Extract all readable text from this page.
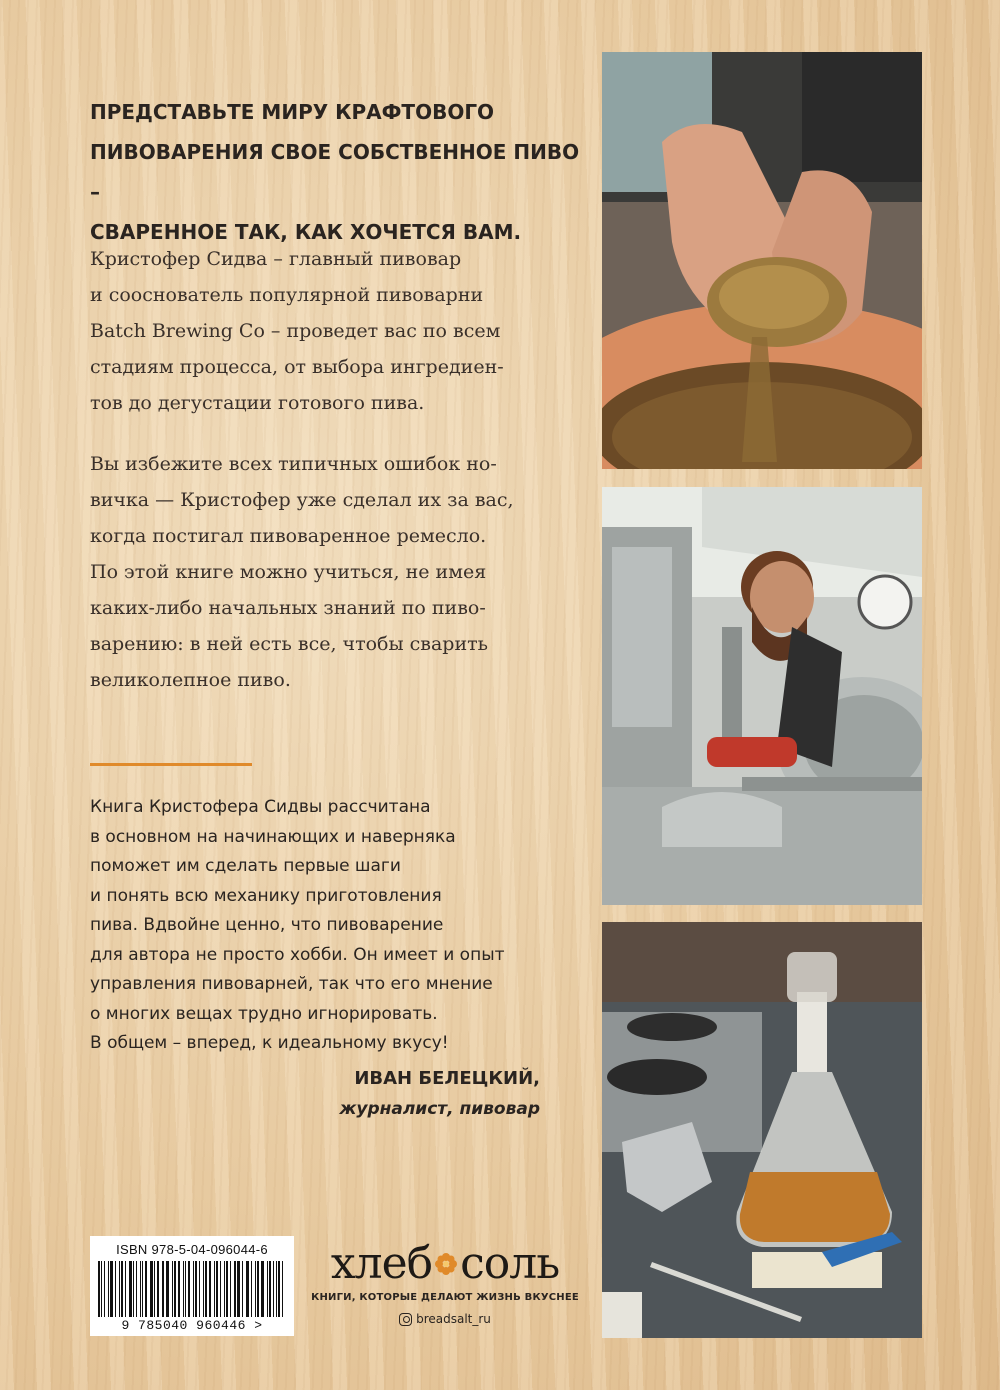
ПРЕДСТАВЬТЕ МИРУ КРАФТОВОГО
ПИВОВАРЕНИЯ СВОЕ СОБСТВЕННОЕ ПИВО –
СВАРЕННОЕ ТАК, КАК ХОЧЕТСЯ ВАМ.
Кристофер Сидва – главный пивовар
и сооснователь популярной пивоварни
Batch Brewing Co – проведет вас по всем
стадиям процесса, от выбора ингредиен-
тов до дегустации готового пива.
Вы избежите всех типичных ошибок но-
вичка — Кристофер уже сделал их за вас,
когда постигал пивоваренное ремесло.
По этой книге можно учиться, не имея
каких-либо начальных знаний по пиво-
варению: в ней есть все, чтобы сварить
великолепное пиво.
Книга Кристофера Сидвы рассчитана
в основном на начинающих и наверняка
поможет им сделать первые шаги
и понять всю механику приготовления
пива. Вдвойне ценно, что пивоварение
для автора не просто хобби. Он имеет и опыт
управления пивоварней, так что его мнение
о многих вещах трудно игнорировать.
В общем – вперед, к идеальному вкусу!
ИВАН БЕЛЕЦКИЙ,
журналист, пивовар
ISBN 978-5-04-096044-6
9 785040 960446 >
хлеб соль
КНИГИ, КОТОРЫЕ ДЕЛАЮТ ЖИЗНЬ ВКУСНЕЕ
breadsalt_ru
